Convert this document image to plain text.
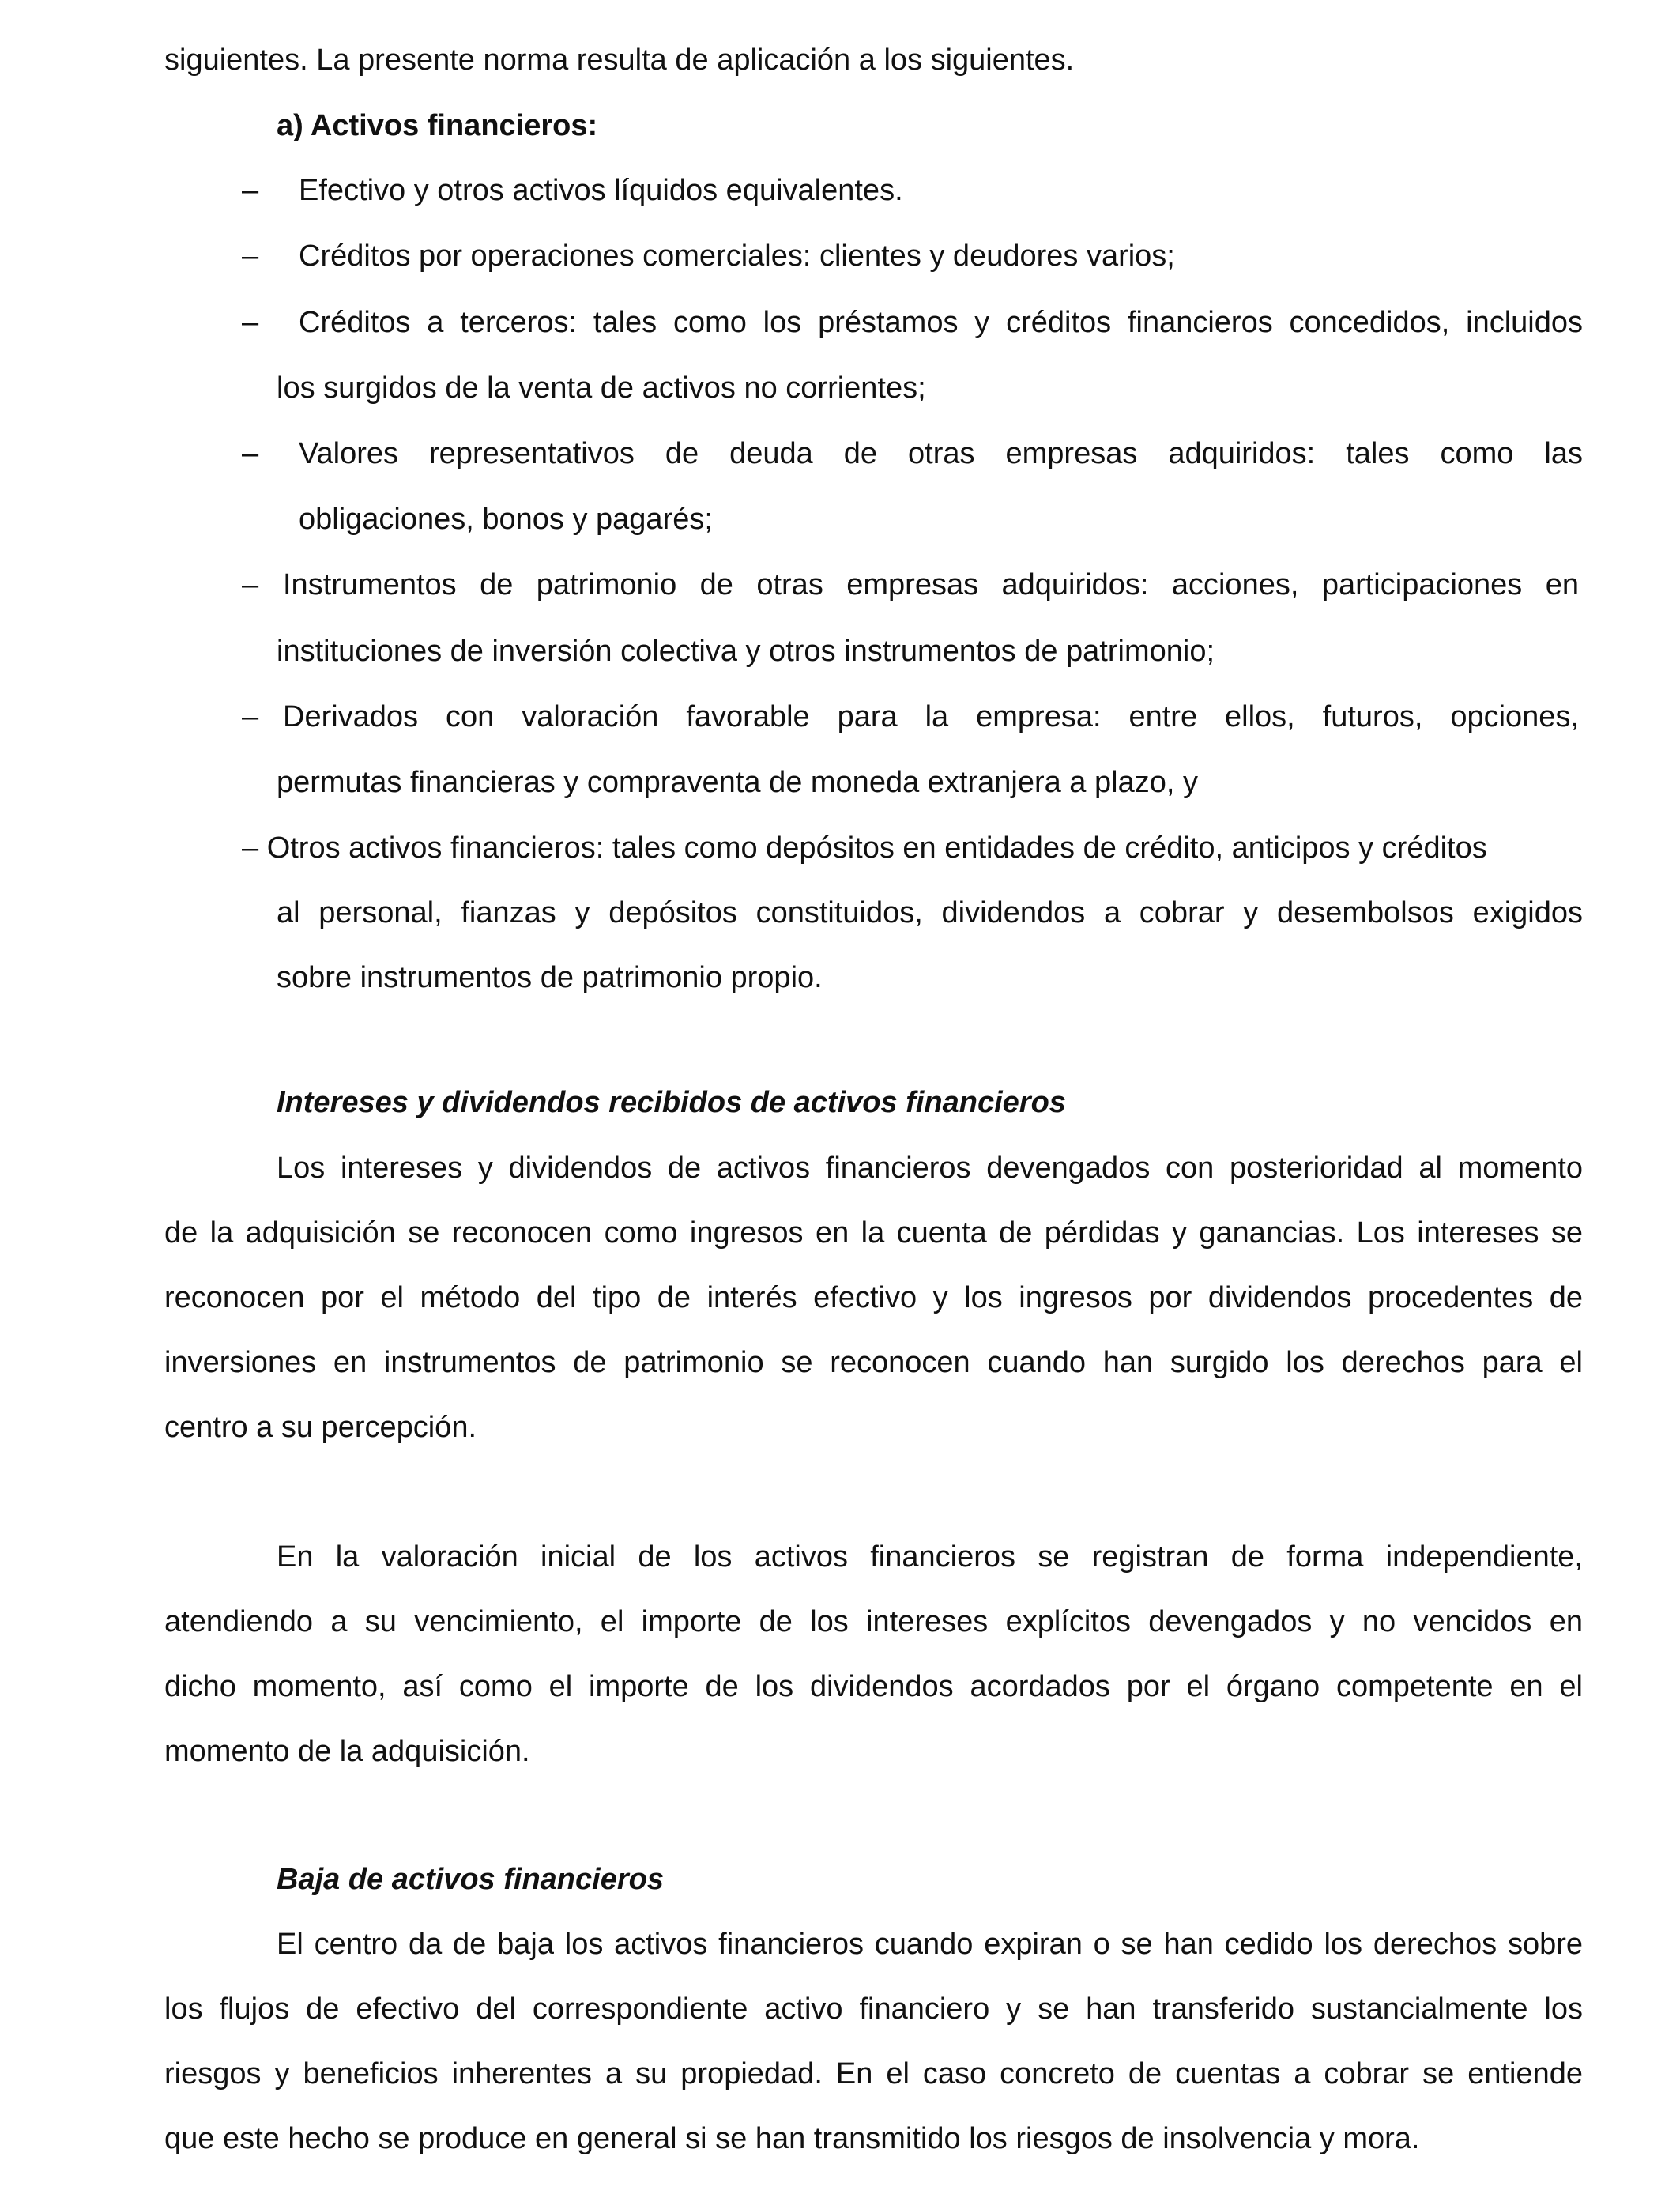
siguientes. La presente norma resulta de aplicación a los siguientes.
a) Activos financieros:
– Efectivo y otros activos líquidos equivalentes.
– Créditos por operaciones comerciales: clientes y deudores varios;
– Créditos a terceros: tales como los préstamos y créditos financieros concedidos, incluidos
los surgidos de la venta de activos no corrientes;
– Valores representativos de deuda de otras empresas adquiridos: tales como las
obligaciones, bonos y pagarés;
– Instrumentos de patrimonio de otras empresas adquiridos: acciones, participaciones en
instituciones de inversión colectiva y otros instrumentos de patrimonio;
– Derivados con valoración favorable para la empresa: entre ellos, futuros, opciones,
permutas financieras y compraventa de moneda extranjera a plazo, y
– Otros activos financieros: tales como depósitos en entidades de crédito, anticipos y créditos
al personal, fianzas y depósitos constituidos, dividendos a cobrar y desembolsos exigidos
sobre instrumentos de patrimonio propio.
Intereses y dividendos recibidos de activos financieros
Los intereses y dividendos de activos financieros devengados con posterioridad al momento
de la adquisición se reconocen como ingresos en la cuenta de pérdidas y ganancias. Los intereses se
reconocen por el método del tipo de interés efectivo y los ingresos por dividendos procedentes de
inversiones en instrumentos de patrimonio se reconocen cuando han surgido los derechos para el
centro a su percepción.
En la valoración inicial de los activos financieros se registran de forma independiente,
atendiendo a su vencimiento, el importe de los intereses explícitos devengados y no vencidos en
dicho momento, así como el importe de los dividendos acordados por el órgano competente en el
momento de la adquisición.
Baja de activos financieros
El centro da de baja los activos financieros cuando expiran o se han cedido los derechos sobre
los flujos de efectivo del correspondiente activo financiero y se han transferido sustancialmente los
riesgos y beneficios inherentes a su propiedad. En el caso concreto de cuentas a cobrar se entiende
que este hecho se produce en general si se han transmitido los riesgos de insolvencia y mora.
